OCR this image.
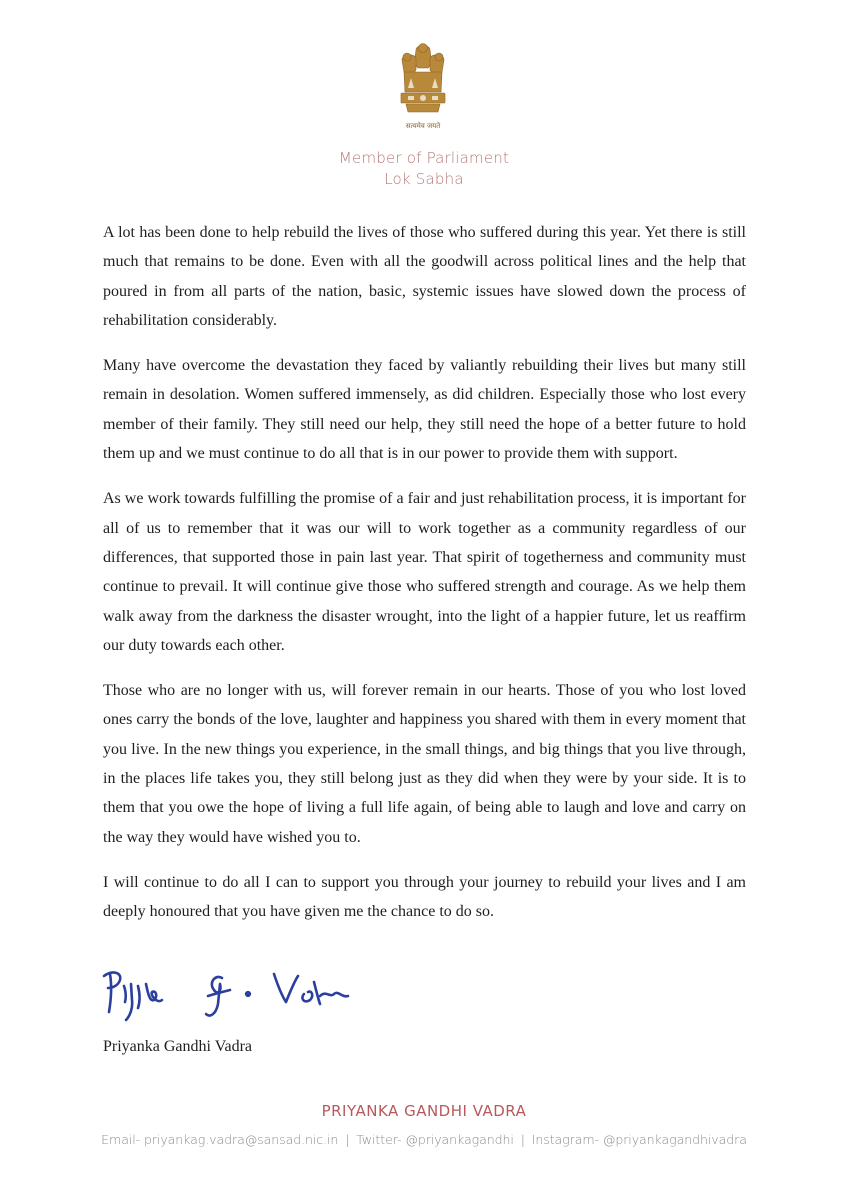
सत्यमेव जयते
Member of Parliament
Lok Sabha

A lot has been done to help rebuild the lives of those who suffered during this year. Yet there is still much that remains to be done. Even with all the goodwill across political lines and the help that poured in from all parts of the nation, basic, systemic issues have slowed down the process of rehabilitation considerably.

Many have overcome the devastation they faced by valiantly rebuilding their lives but many still remain in desolation. Women suffered immensely, as did children. Especially those who lost every member of their family. They still need our help, they still need the hope of a better future to hold them up and we must continue to do all that is in our power to provide them with support.

As we work towards fulfilling the promise of a fair and just rehabilitation process, it is important for all of us to remember that it was our will to work together as a community regardless of our differences, that supported those in pain last year. That spirit of togetherness and community must continue to prevail. It will continue give those who suffered strength and courage. As we help them walk away from the darkness the disaster wrought, into the light of a happier future, let us reaffirm our duty towards each other.

Those who are no longer with us, will forever remain in our hearts. Those of you who lost loved ones carry the bonds of the love, laughter and happiness you shared with them in every moment that you live. In the new things you experience, in the small things, and big things that you live through, in the places life takes you, they still belong just as they did when they were by your side. It is to them that you owe the hope of living a full life again, of being able to laugh and love and carry on the way they would have wished you to.

I will continue to do all I can to support you through your journey to rebuild your lives and I am deeply honoured that you have given me the chance to do so.

Priyanka Gandhi Vadra
PRIYANKA GANDHI VADRA
Email- priyankag.vadra@sansad.nic.in | Twitter- @priyankagandhi | Instagram- @priyankagandhivadra
